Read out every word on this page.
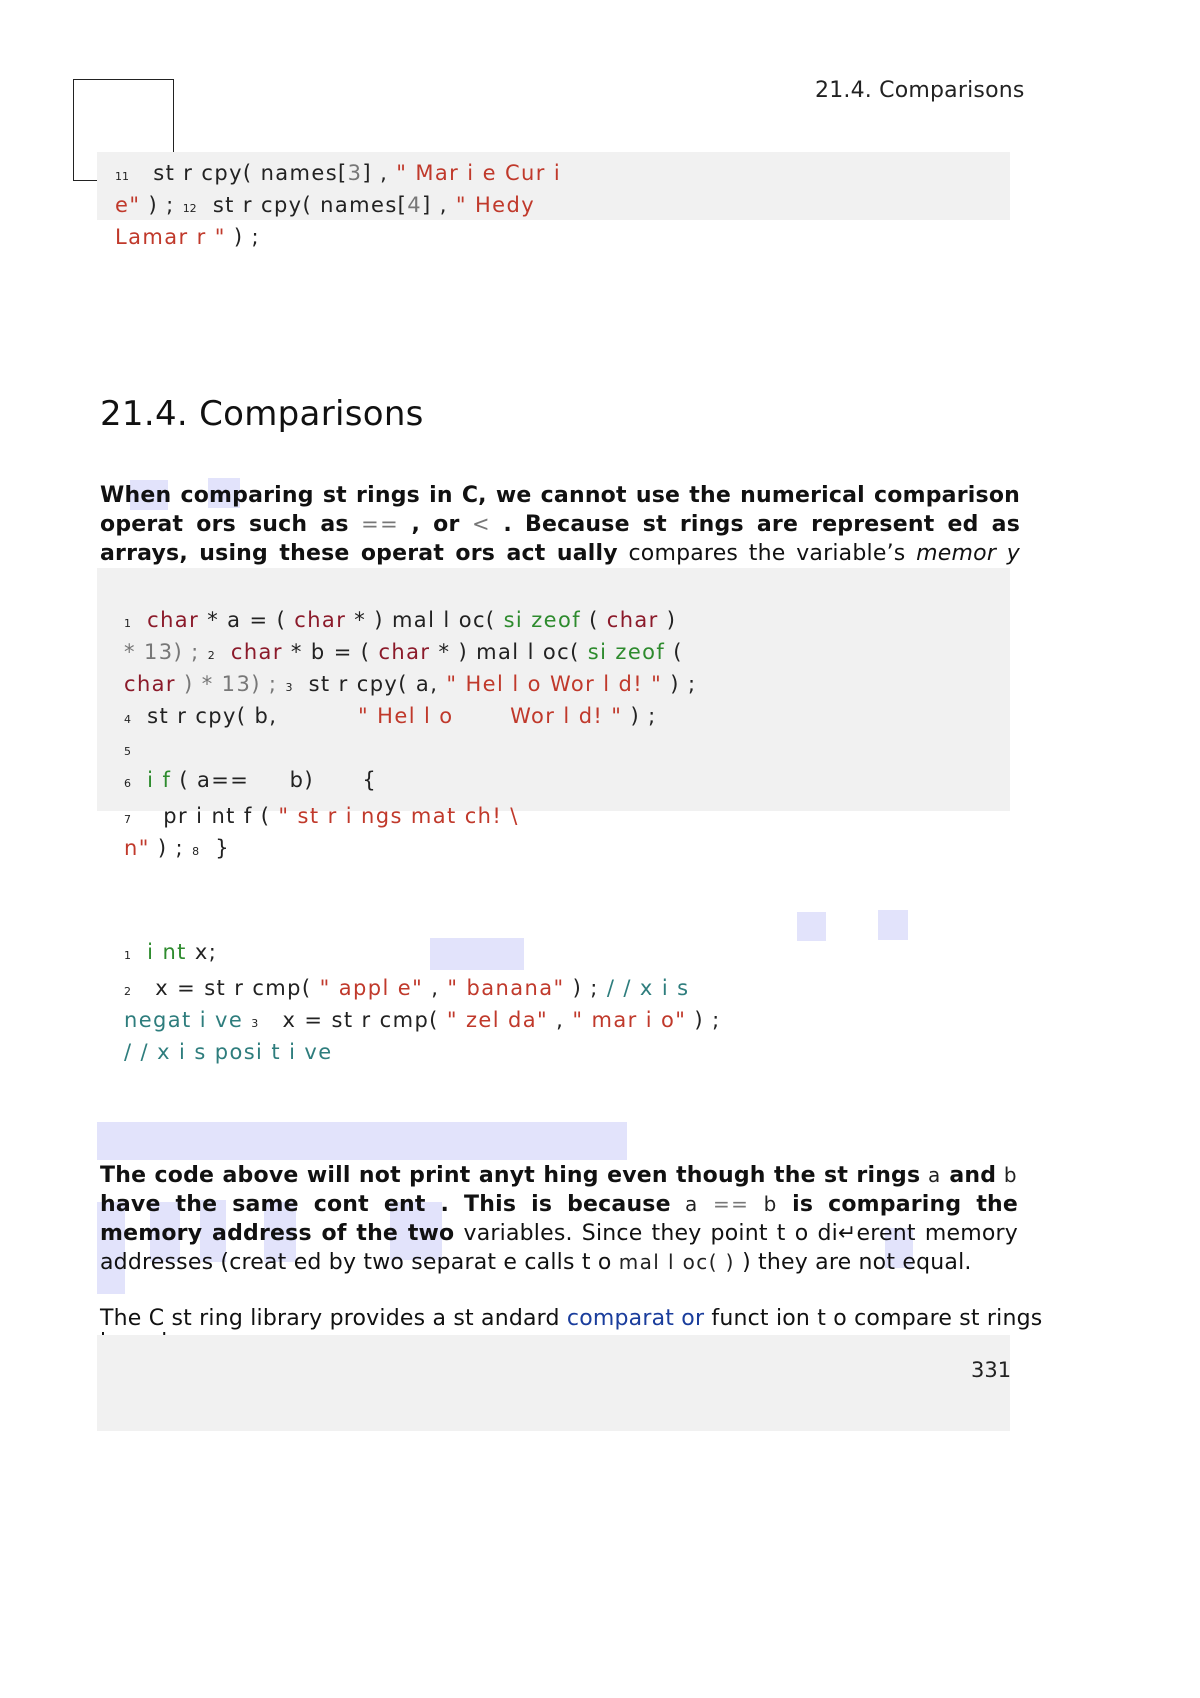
21.4. Comparisons
11 st r cpy( names[3] , " Mar i e Cur i
e" ) ; 12 st r cpy( names[4] , " Hedy
Lamar r " ) ;
21.4. Comparisons
When comparing st rings in C, we cannot use the numerical comparison operat ors such as == , or < . Because st rings are represent ed as arrays, using these operat ors act ually compares the variable’s memor y
1 char * a = ( char * ) mal l oc( si zeof ( char )
* 13) ; 2 char * b = ( char * ) mal l oc( si zeof (
char ) * 13) ; 3 st r cpy( a, " Hel l o Wor l d! " ) ;
4 st r cpy( b,          " Hel l o       Wor l d! " ) ;
5
6 i f ( a==     b)      {
7    pr i nt f ( " st r i ngs mat ch! \
n" ) ; 8  }
1 i nt x;
2   x = st r cmp( " appl e" , " banana" ) ; / / x i s
negat i ve 3   x = st r cmp( " zel da" , " mar i o" ) ;
/ / x i s posi t i ve
The code above will not print anyt hing even though the st rings a and b have the same cont ent . This is because a == b is comparing the memory address of the two variables. Since they point t o di↵erent memory addresses (creat ed by two separat e calls t o mal l oc( ) ) they are not equal.
The C st ring library provides a st andard comparat or funct ion t o compare st rings
331
